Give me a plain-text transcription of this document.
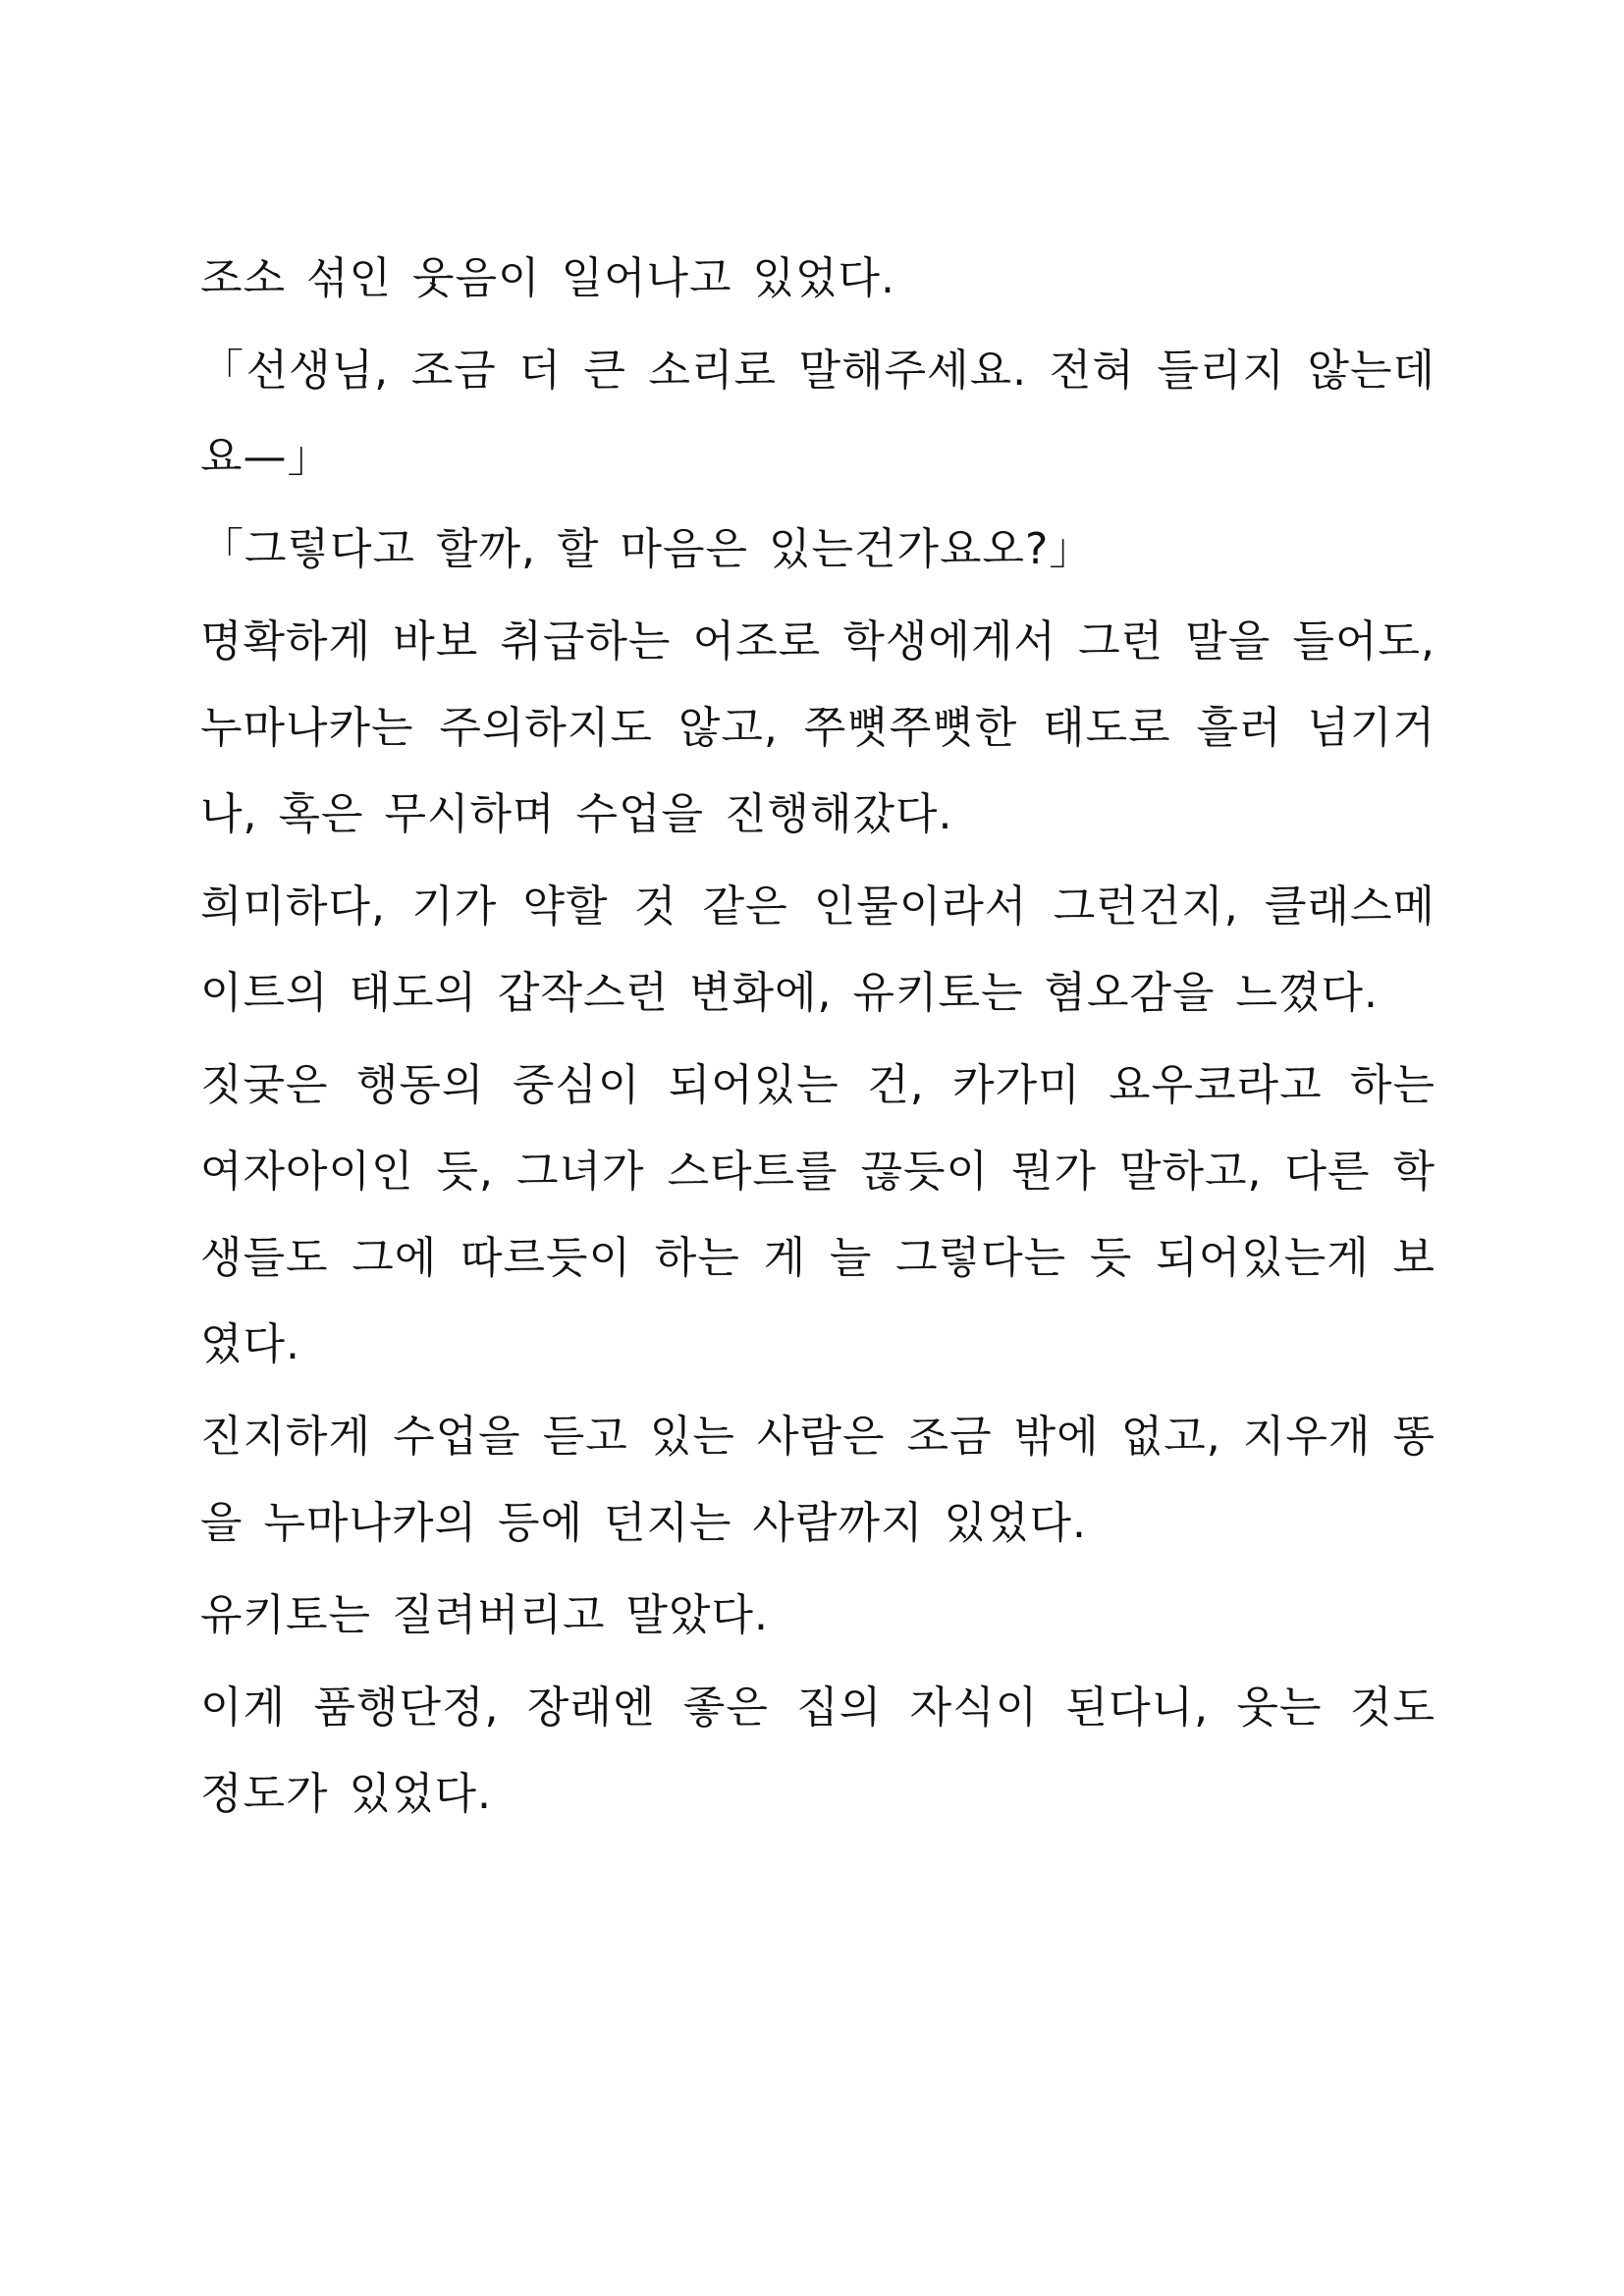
조소 섞인 웃음이 일어나고 있었다.

「선생님, 조금 더 큰 소리로 말해주세요. 전혀 들리지 않는데요—」

「그렇다고 할까, 할 마음은 있는건가요오?」

명확하게 바보 취급하는 어조로 학생에게서 그런 말을 들어도, 누마나카는 주의하지도 않고, 쭈뼛쭈뼛한 태도로 흘러 넘기거나, 혹은 무시하며 수업을 진행해갔다.

희미하다, 기가 약할 것 같은 인물이라서 그런건지, 클래스메이트의 태도의 갑작스런 변화에, 유키토는 혐오감을 느꼈다.

짓궂은 행동의 중심이 되어있는 건, 카가미 요우코라고 하는 여자아이인 듯, 그녀가 스타트를 끊듯이 뭔가 말하고, 다른 학생들도 그에 따르듯이 하는 게 늘 그렇다는 듯 되어있는게 보였다.

진지하게 수업을 듣고 있는 사람은 조금 밖에 없고, 지우개 똥을 누마나카의 등에 던지는 사람까지 있었다.

유키토는 질려버리고 말았다.

이게 품행단정, 장래엔 좋은 집의 자식이 된다니, 웃는 것도 정도가 있었다.
